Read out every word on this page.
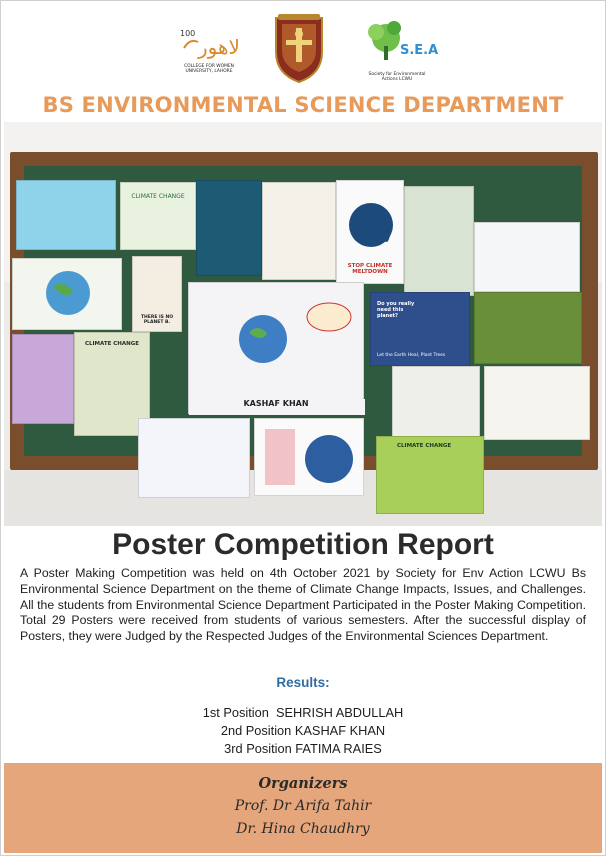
100
لاهور
COLLEGE FOR WOMEN UNIVERSITY, LAHORE
S.E.A
Society for Environmental Actions LCWU
BS ENVIRONMENTAL SCIENCE DEPARTMENT
CLIMATE CHANGE
STOP CLIMATE MELTDOWN
THERE IS NO PLANET B.
CLIMATE CHANGE
KASHAF KHAN
Do you really need this planet?
Let the Earth Heal, Plant Trees
CLIMATE CHANGE
Poster Competition Report
A Poster Making Competition was held on 4th October 2021 by Society for Env Action LCWU Bs Environmental Science Department on the theme of Climate Change Impacts, Issues, and Challenges. All the students from Environmental Science Department Participated in the Poster Making Competition. Total 29 Posters were received from students of various semesters. After the successful display of Posters, they were Judged by the Respected Judges of the Environmental Sciences Department.
Results:
1st Position  SEHRISH ABDULLAH
2nd Position KASHAF KHAN
3rd Position FATIMA RAIES
Organizers
Prof. Dr Arifa Tahir
Dr. Hina Chaudhry
